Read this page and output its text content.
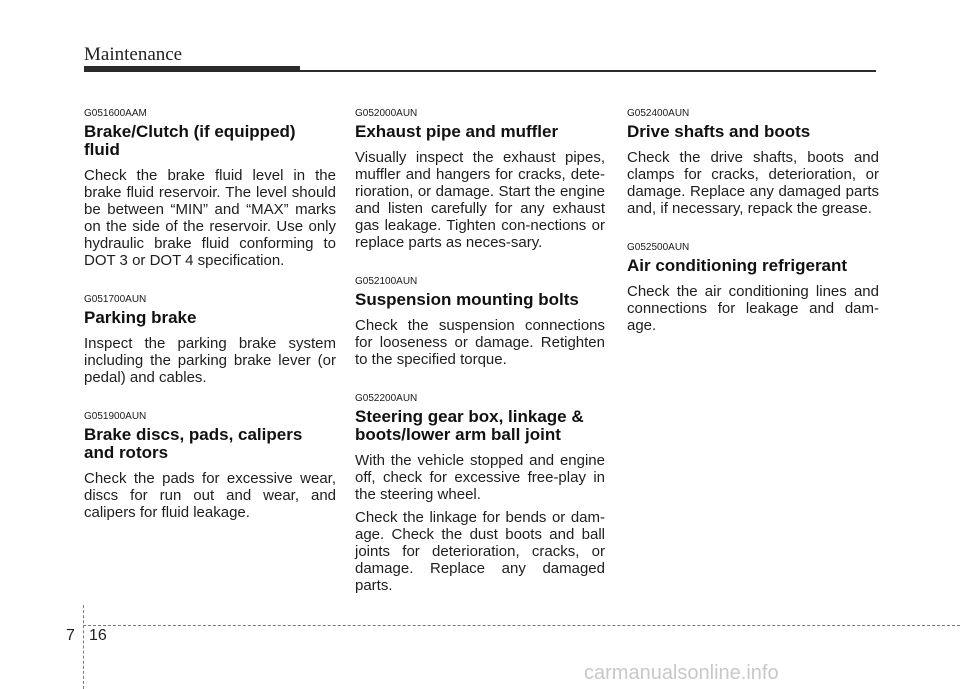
Maintenance
G051600AAM
Brake/Clutch (if equipped) fluid

Check the brake fluid level in the brake fluid reservoir. The level should be between “MIN” and “MAX” marks on the side of the reservoir. Use only hydraulic brake fluid conforming to DOT 3 or DOT 4 specification.

G051700AUN
Parking brake

Inspect the parking brake system including the parking brake lever (or pedal) and cables.

G051900AUN
Brake discs, pads, calipers and rotors

Check the pads for excessive wear, discs for run out and wear, and calipers for fluid leakage.

G052000AUN
Exhaust pipe and muffler

Visually inspect the exhaust pipes, muffler and hangers for cracks, dete-rioration, or damage. Start the engine and listen carefully for any exhaust gas leakage. Tighten con-nections or replace parts as neces-sary.

G052100AUN
Suspension mounting bolts

Check the suspension connections for looseness or damage. Retighten to the specified torque.

G052200AUN
Steering gear box, linkage & boots/lower arm ball joint

With the vehicle stopped and engine off, check for excessive free-play in the steering wheel.

Check the linkage for bends or dam-age. Check the dust boots and ball joints for deterioration, cracks, or damage. Replace any damaged parts.

G052400AUN
Drive shafts and boots

Check the drive shafts, boots and clamps for cracks, deterioration, or damage. Replace any damaged parts and, if necessary, repack the grease.

G052500AUN
Air conditioning refrigerant

Check the air conditioning lines and connections for leakage and dam-age.

7 16
carmanualsonline.info
